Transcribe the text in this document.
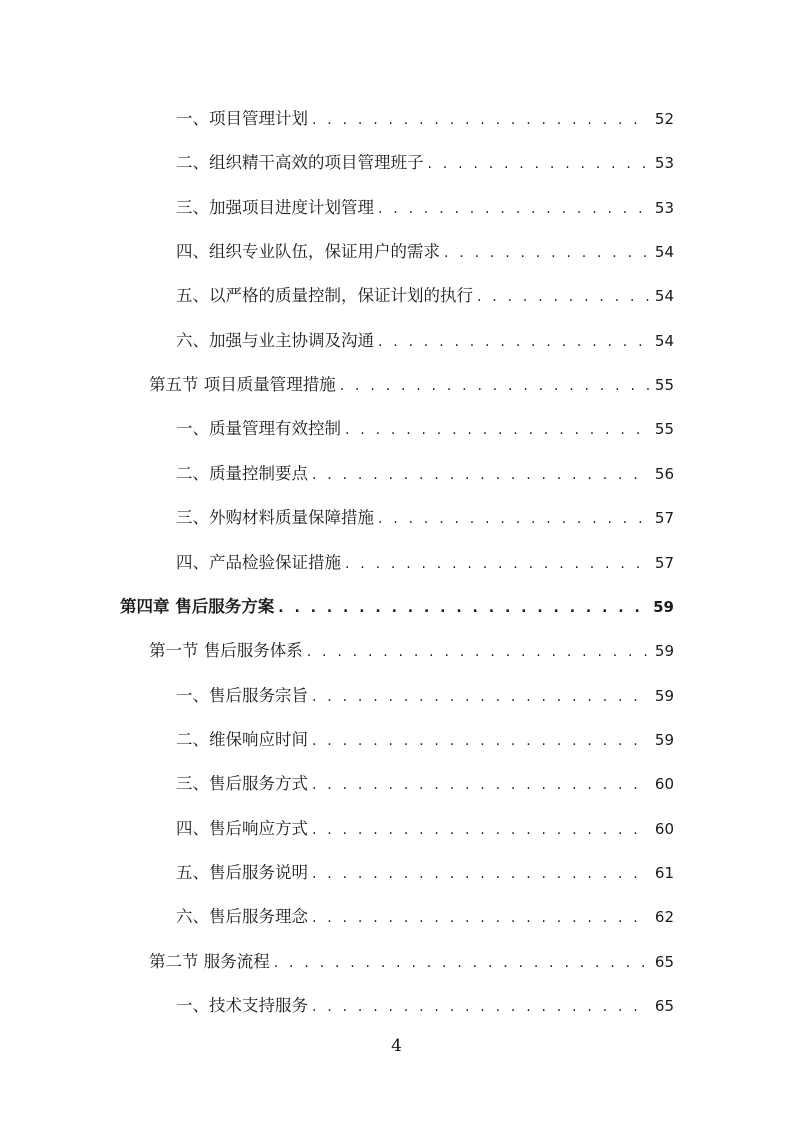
一、项目管理计划 . . .	52
二、组织精干高效的项目管理班子 . . .	53
三、加强项目进度计划管理 . . .	53
四、组织专业队伍，保证用户的需求 . . .	54
五、以严格的质量控制，保证计划的执行 . . .	54
六、加强与业主协调及沟通 . . .	54
第五节 项目质量管理措施 . . .	55
一、质量管理有效控制 . . .	55
二、质量控制要点 . . .	56
三、外购材料质量保障措施 . . .	57
四、产品检验保证措施 . . .	57
第四章 售后服务方案 . . .	59
第一节 售后服务体系 . . .	59
一、售后服务宗旨 . . .	59
二、维保响应时间 . . .	59
三、售后服务方式 . . .	60
四、售后响应方式 . . .	60
五、售后服务说明 . . .	61
六、售后服务理念 . . .	62
第二节 服务流程 . . .	65
一、技术支持服务 . . .	65
4
